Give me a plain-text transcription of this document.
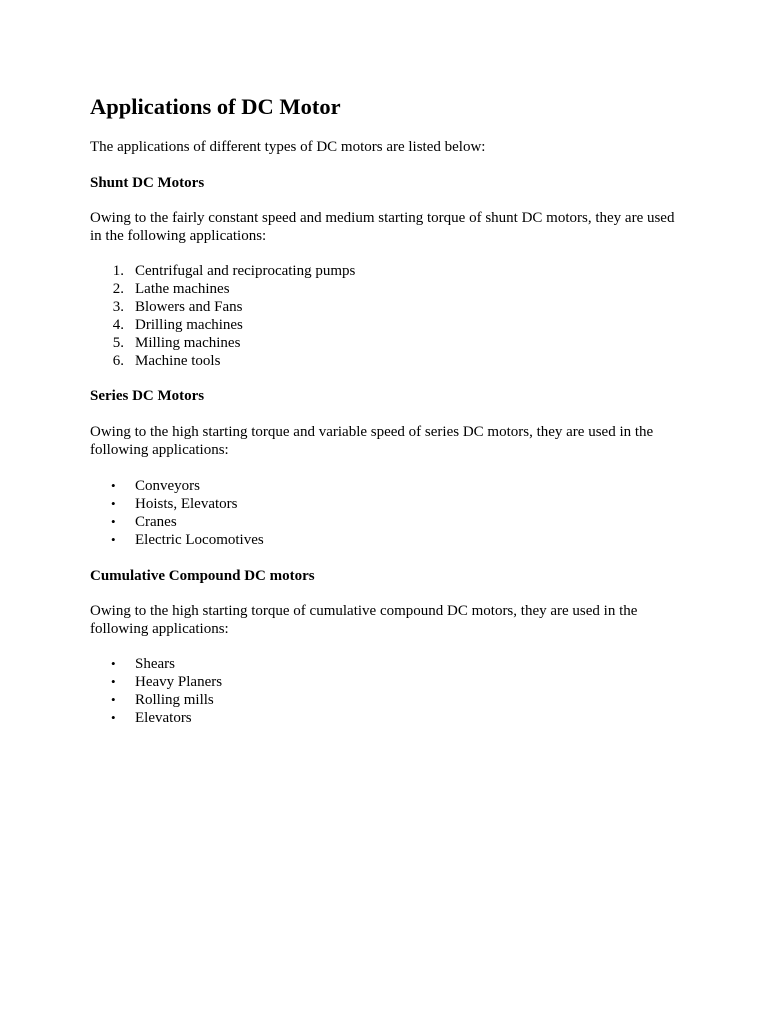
Applications of DC Motor

The applications of different types of DC motors are listed below:

Shunt DC Motors

Owing to the fairly constant speed and medium starting torque of shunt DC motors, they are used
in the following applications:

1. Centrifugal and reciprocating pumps
2. Lathe machines
3. Blowers and Fans
4. Drilling machines
5. Milling machines
6. Machine tools

Series DC Motors

Owing to the high starting torque and variable speed of series DC motors, they are used in the
following applications:

• Conveyors
• Hoists, Elevators
• Cranes
• Electric Locomotives

Cumulative Compound DC motors

Owing to the high starting torque of cumulative compound DC motors, they are used in the
following applications:

• Shears
• Heavy Planers
• Rolling mills
• Elevators
